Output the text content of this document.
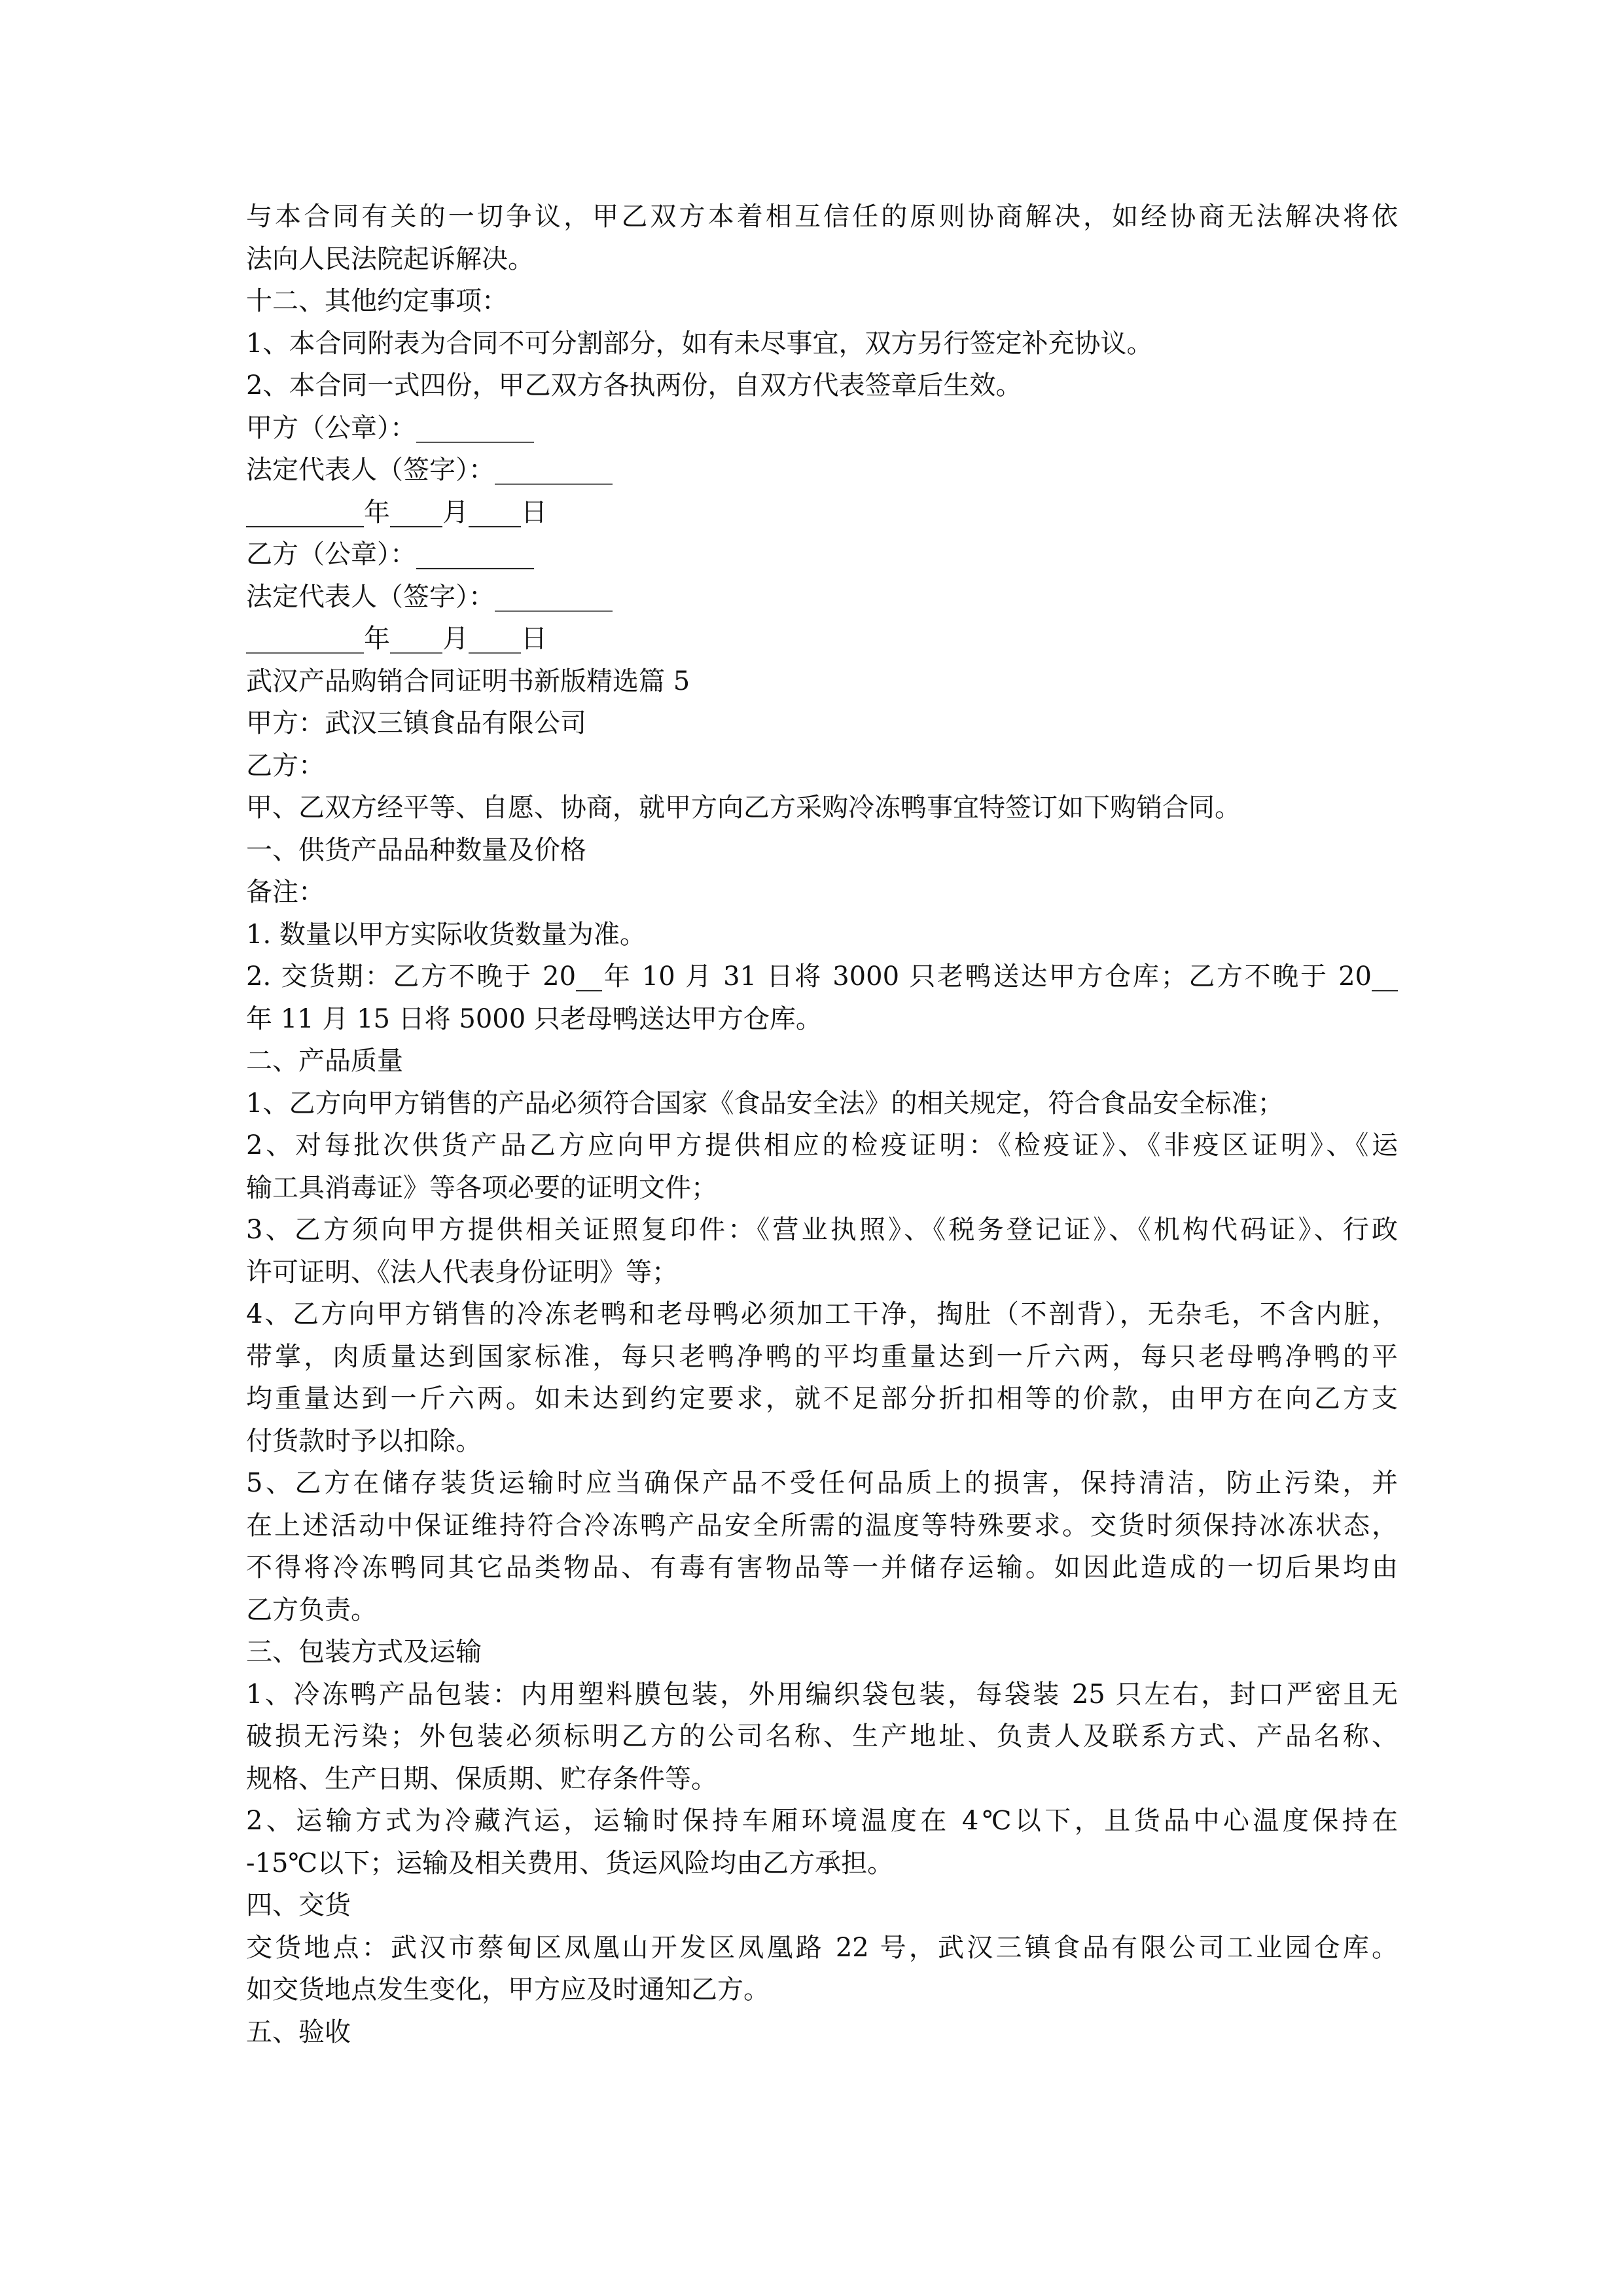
与本合同有关的一切争议，甲乙双方本着相互信任的原则协商解决，如经协商无法解决将依

法向人民法院起诉解决。

十二、其他约定事项：

1、本合同附表为合同不可分割部分，如有未尽事宜，双方另行签定补充协议。

2、本合同一式四份，甲乙双方各执两份，自双方代表签章后生效。

甲方（公章）：_________

法定代表人（签字）：_________

_________年____月____日

乙方（公章）：_________

法定代表人（签字）：_________

_________年____月____日

武汉产品购销合同证明书新版精选篇 5

甲方：武汉三镇食品有限公司

乙方：

甲、乙双方经平等、自愿、协商，就甲方向乙方采购冷冻鸭事宜特签订如下购销合同。

一、供货产品品种数量及价格

备注：

1. 数量以甲方实际收货数量为准。

2. 交货期：乙方不晚于 20__年 10 月 31 日将 3000 只老鸭送达甲方仓库；乙方不晚于 20__

年 11 月 15 日将 5000 只老母鸭送达甲方仓库。

二、产品质量

1、乙方向甲方销售的产品必须符合国家《食品安全法》的相关规定，符合食品安全标准；

2、对每批次供货产品乙方应向甲方提供相应的检疫证明：《检疫证》、《非疫区证明》、《运

输工具消毒证》等各项必要的证明文件；

3、乙方须向甲方提供相关证照复印件：《营业执照》、《税务登记证》、《机构代码证》、行政

许可证明、《法人代表身份证明》等；

4、乙方向甲方销售的冷冻老鸭和老母鸭必须加工干净，掏肚（不剖背），无杂毛，不含内脏，

带掌，肉质量达到国家标准，每只老鸭净鸭的平均重量达到一斤六两，每只老母鸭净鸭的平

均重量达到一斤六两。如未达到约定要求，就不足部分折扣相等的价款，由甲方在向乙方支

付货款时予以扣除。

5、乙方在储存装货运输时应当确保产品不受任何品质上的损害，保持清洁，防止污染，并

在上述活动中保证维持符合冷冻鸭产品安全所需的温度等特殊要求。交货时须保持冰冻状态，

不得将冷冻鸭同其它品类物品、有毒有害物品等一并储存运输。如因此造成的一切后果均由

乙方负责。

三、包装方式及运输

1、冷冻鸭产品包装：内用塑料膜包装，外用编织袋包装，每袋装 25 只左右，封口严密且无

破损无污染；外包装必须标明乙方的公司名称、生产地址、负责人及联系方式、产品名称、

规格、生产日期、保质期、贮存条件等。

2、运输方式为冷藏汽运，运输时保持车厢环境温度在 4℃以下，且货品中心温度保持在

-15℃以下；运输及相关费用、货运风险均由乙方承担。

四、交货

交货地点：武汉市蔡甸区凤凰山开发区凤凰路 22 号，武汉三镇食品有限公司工业园仓库。

如交货地点发生变化，甲方应及时通知乙方。

五、验收
